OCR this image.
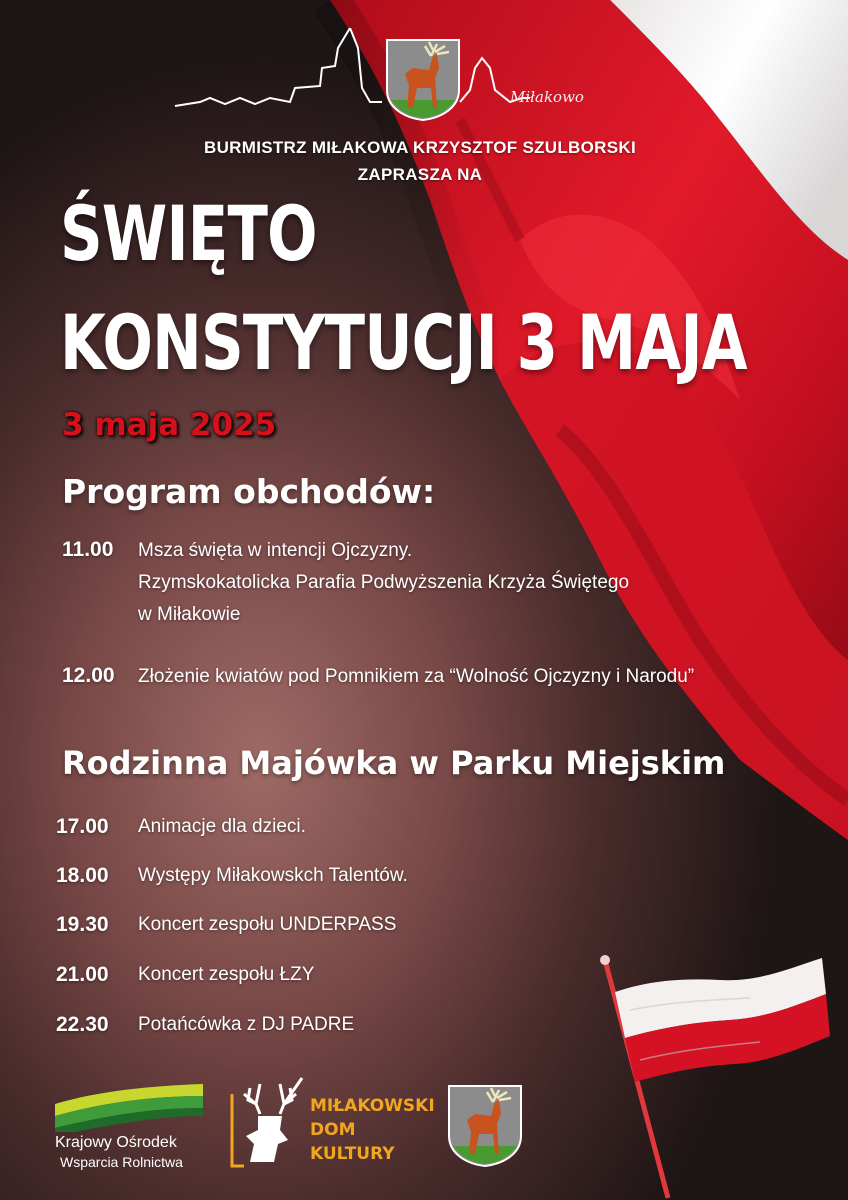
Miłakowo
BURMISTRZ MIŁAKOWA KRZYSZTOF SZULBORSKI
ZAPRASZA NA
ŚWIĘTO
KONSTYTUCJI 3 MAJA
3 maja 2025
Program obchodów:
11.00 Msza święta w intencji Ojczyzny.
Rzymskokatolicka Parafia Podwyższenia Krzyża Świętego
w Miłakowie
12.00 Złożenie kwiatów pod Pomnikiem za “Wolność Ojczyzny i Narodu”
Rodzinna Majówka w Parku Miejskim
17.00 Animacje dla dzieci.
18.00 Występy Miłakowskch Talentów.
19.30 Koncert zespołu UNDERPASS
21.00 Koncert zespołu ŁZY
22.30 Potańcówka z DJ PADRE
Krajowy Ośrodek
Wsparcia Rolnictwa
MIŁAKOWSKI
DOM
KULTURY
